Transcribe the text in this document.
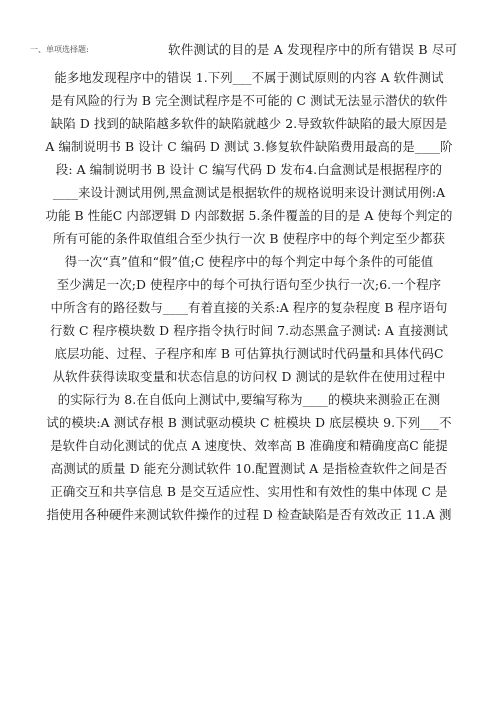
一、单项选择题:	软件测试的目的是 A 发现程序中的所有错误 B 尽可
能多地发现程序中的错误 1.下列___不属于测试原则的内容 A 软件测试
是有风险的行为 B 完全测试程序是不可能的 C 测试无法显示潜伏的软件
缺陷 D 找到的缺陷越多软件的缺陷就越少 2.导致软件缺陷的最大原因是
A 编制说明书 B 设计 C 编码 D 测试 3.修复软件缺陷费用最高的是____阶
段: A 编制说明书 B 设计 C 编写代码 D 发布4.白盒测试是根据程序的
____来设计测试用例,黑盒测试是根据软件的规格说明来设计测试用例:A
功能 B 性能C 内部逻辑 D 内部数据 5.条件覆盖的目的是 A 使每个判定的
所有可能的条件取值组合至少执行一次 B 使程序中的每个判定至少都获
得一次“真”值和“假”值;C 使程序中的每个判定中每个条件的可能值
至少满足一次;D 使程序中的每个可执行语句至少执行一次;6.一个程序
中所含有的路径数与____有着直接的关系:A 程序的复杂程度 B 程序语句
行数 C 程序模块数 D 程序指令执行时间 7.动态黑盒子测试: A 直接测试
底层功能、过程、子程序和库 B 可估算执行测试时代码量和具体代码C
从软件获得读取变量和状态信息的访问权 D 测试的是软件在使用过程中
的实际行为 8.在自低向上测试中,要编写称为____的模块来测验正在测
试的模块:A 测试存根 B 测试驱动模块 C 桩模块 D 底层模块 9.下列___不
是软件自动化测试的优点 A 速度快、效率高 B 准确度和精确度高C 能提
高测试的质量 D 能充分测试软件 10.配置测试 A 是指检查软件之间是否
正确交互和共享信息 B 是交互适应性、实用性和有效性的集中体现 C 是
指使用各种硬件来测试软件操作的过程 D 检查缺陷是否有效改正 11.A 测
